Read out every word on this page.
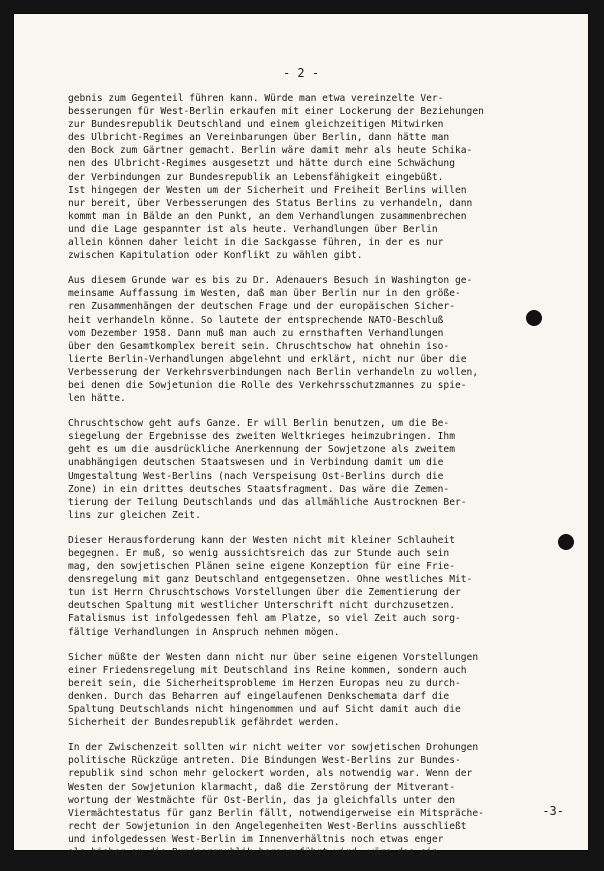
- 2 -
gebnis zum Gegenteil führen kann. Würde man etwa vereinzelte Ver-
besserungen für West-Berlin erkaufen mit einer Lockerung der Beziehungen
zur Bundesrepublik Deutschland und einem gleichzeitigen Mitwirken
des Ulbricht-Regimes an Vereinbarungen über Berlin, dann hätte man
den Bock zum Gärtner gemacht. Berlin wäre damit mehr als heute Schika-
nen des Ulbricht-Regimes ausgesetzt und hätte durch eine Schwächung
der Verbindungen zur Bundesrepublik an Lebensfähigkeit eingebüßt.
Ist hingegen der Westen um der Sicherheit und Freiheit Berlins willen
nur bereit, über Verbesserungen des Status Berlins zu verhandeln, dann
kommt man in Bälde an den Punkt, an dem Verhandlungen zusammenbrechen
und die Lage gespannter ist als heute. Verhandlungen über Berlin
allein können daher leicht in die Sackgasse führen, in der es nur
zwischen Kapitulation oder Konflikt zu wählen gibt.
Aus diesem Grunde war es bis zu Dr. Adenauers Besuch in Washington ge-
meinsame Auffassung im Westen, daß man über Berlin nur in den größe-
ren Zusammenhängen der deutschen Frage und der europäischen Sicher-
heit verhandeln könne. So lautete der entsprechende NATO-Beschluß
vom Dezember 1958. Dann muß man auch zu ernsthaften Verhandlungen
über den Gesamtkomplex bereit sein. Chruschtschow hat ohnehin iso-
lierte Berlin-Verhandlungen abgelehnt und erklärt, nicht nur über die
Verbesserung der Verkehrsverbindungen nach Berlin verhandeln zu wollen,
bei denen die Sowjetunion die Rolle des Verkehrsschutzmannes zu spie-
len hätte.
Chruschtschow geht aufs Ganze. Er will Berlin benutzen, um die Be-
siegelung der Ergebnisse des zweiten Weltkrieges heimzubringen. Ihm
geht es um die ausdrückliche Anerkennung der Sowjetzone als zweitem
unabhängigen deutschen Staatswesen und in Verbindung damit um die
Umgestaltung West-Berlins (nach Verspeisung Ost-Berlins durch die
Zone) in ein drittes deutsches Staatsfragment. Das wäre die Zemen-
tierung der Teilung Deutschlands und das allmähliche Austrocknen Ber-
lins zur gleichen Zeit.
Dieser Herausforderung kann der Westen nicht mit kleiner Schlauheit
begegnen. Er muß, so wenig aussichtsreich das zur Stunde auch sein
mag, den sowjetischen Plänen seine eigene Konzeption für eine Frie-
densregelung mit ganz Deutschland entgegensetzen. Ohne westliches Mit-
tun ist Herrn Chruschtschows Vorstellungen über die Zementierung der
deutschen Spaltung mit westlicher Unterschrift nicht durchzusetzen.
Fatalismus ist infolgedessen fehl am Platze, so viel Zeit auch sorg-
fältige Verhandlungen in Anspruch nehmen mögen.
Sicher müßte der Westen dann nicht nur über seine eigenen Vorstellungen
einer Friedensregelung mit Deutschland ins Reine kommen, sondern auch
bereit sein, die Sicherheitsprobleme im Herzen Europas neu zu durch-
denken. Durch das Beharren auf eingelaufenen Denkschemata darf die
Spaltung Deutschlands nicht hingenommen und auf Sicht damit auch die
Sicherheit der Bundesrepublik gefährdet werden.
In der Zwischenzeit sollten wir nicht weiter vor sowjetischen Drohungen
politische Rückzüge antreten. Die Bindungen West-Berlins zur Bundes-
republik sind schon mehr gelockert worden, als notwendig war. Wenn der
Westen der Sowjetunion klarmacht, daß die Zerstörung der Mitverant-
wortung der Westmächte für Ost-Berlin, das ja gleichfalls unter den
Viermächtestatus für ganz Berlin fällt, notwendigerweise ein Mitspräche-
recht der Sowjetunion in den Angelegenheiten West-Berlins ausschließt
und infolgedessen West-Berlin im Innenverhältnis noch etwas enger
als bisher an die Bundesrepublik herangeführt wird, wäre das ein
-3-
